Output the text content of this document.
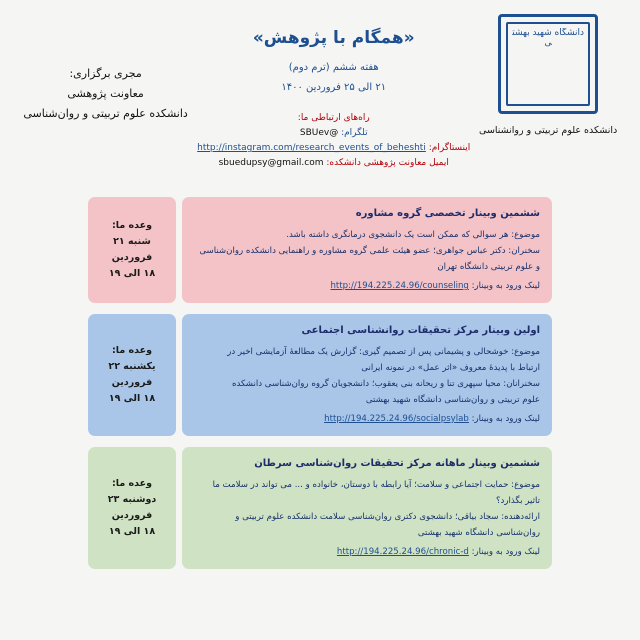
دانشگاه شهید بهشتی
دانشکده علوم تربیتی و روانشناسی
«همگام با پژوهش»
هفته ششم (ترم دوم)
۲۱ الی ۲۵ فروردین ۱۴۰۰
راه‌های ارتباطی ما:
تلگرام: @SBUev
اینستاگرام: http://instagram.com/research_events_of_beheshti
ایمیل معاونت پژوهشی دانشکده: sbuedupsy@gmail.com
مجری برگزاری:
معاونت پژوهشی
دانشکده علوم تربیتی و روان‌شناسی
ششمین وبینار تخصصی گروه مشاوره
موضوع: هر سوالی که ممکن است یک دانشجوی درمانگری داشته باشد.
سخنران: دکتر عباس جواهری؛ عضو هیئت علمی گروه مشاوره و راهنمایی دانشکده روان‌شناسی
و علوم تربیتی دانشگاه تهران
لینک ورود به وبینار: http://194.225.24.96/counseling
وعده ما:
شنبه ۲۱ فروردین
۱۸ الی ۱۹
اولین وبینار مرکز تحقیقات روانشناسی اجتماعی
موضوع: خوشحالی و پشیمانی پس از تصمیم گیری: گزارش یک مطالعهٔ آزمایشی اخیر در
ارتباط با پدیدهٔ معروف «اثر عمل» در نمونه ایرانی
سخنرانان: محیا سپهری تنا و ریحانه بنی یعقوب؛ دانشجویان گروه روان‌شناسی دانشکده
علوم تربیتی و روان‌شناسی دانشگاه شهید بهشتی
لینک ورود به وبینار: http://194.225.24.96/socialpsylab
وعده ما:
یکشنبه ۲۲ فروردین
۱۸ الی ۱۹
ششمین وبینار ماهانه مرکز تحقیقات روان‌شناسی سرطان
موضوع: حمایت اجتماعی و سلامت؛ آیا رابطه با دوستان، خانواده و ... می تواند در سلامت ما
تاثیر بگذارد؟
ارائه‌دهنده: سجاد بیاقی؛ دانشجوی دکتری روان‌شناسی سلامت دانشکده علوم تربیتی و
روان‌شناسی دانشگاه شهید بهشتی
لینک ورود به وبینار: http://194.225.24.96/chronic-d
وعده ما:
دوشنبه ۲۳ فروردین
۱۸ الی ۱۹
